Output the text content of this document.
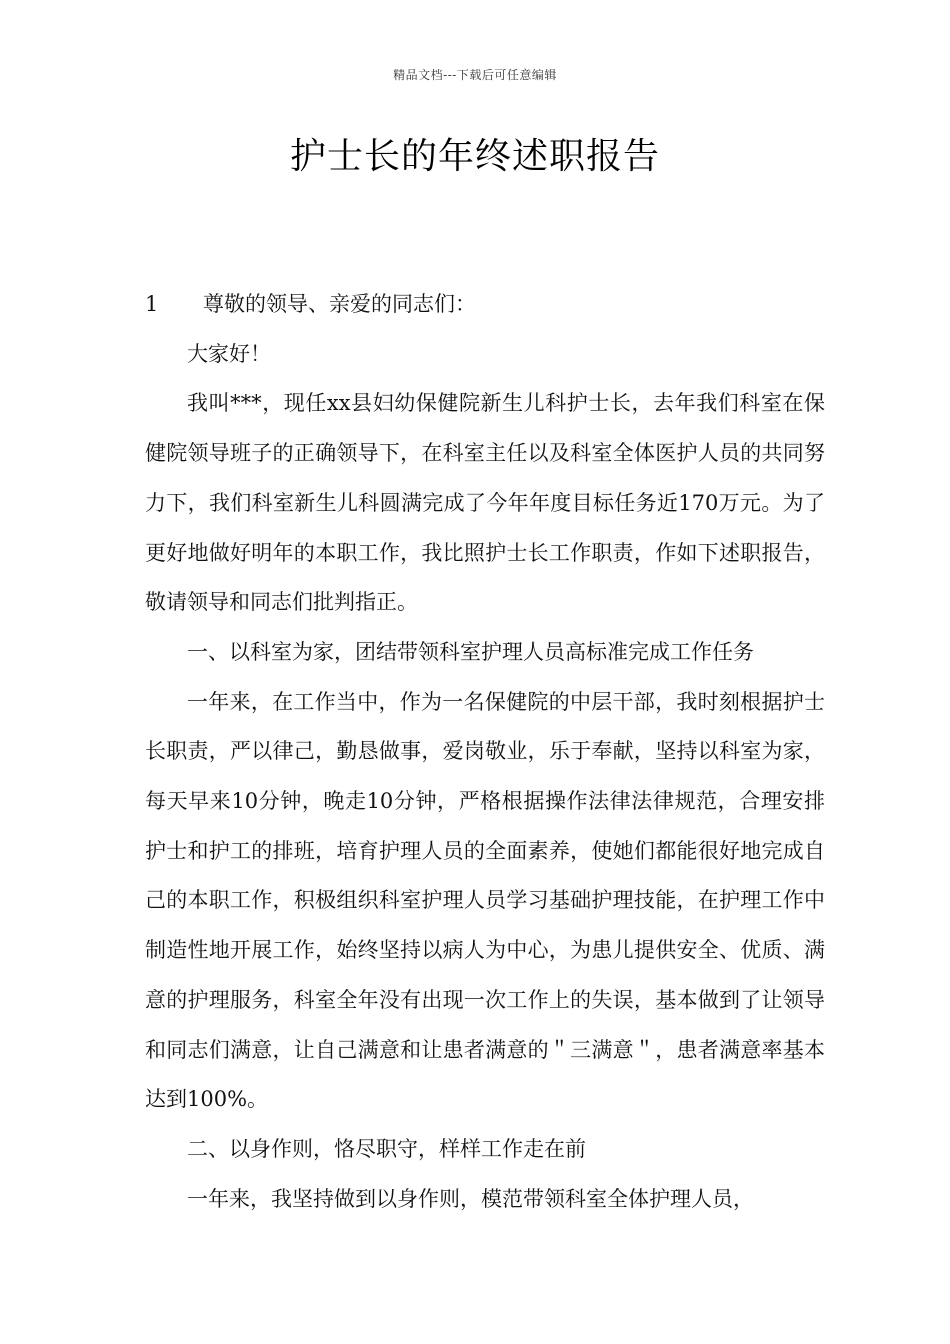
精品文档---下载后可任意编辑
护士长的年终述职报告
1 尊敬的领导、亲爱的同志们：

大家好！

我叫***，现任xx县妇幼保健院新生儿科护士长，去年我们科室在保健院领导班子的正确领导下，在科室主任以及科室全体医护人员的共同努力下，我们科室新生儿科圆满完成了今年年度目标任务近170万元。为了更好地做好明年的本职工作，我比照护士长工作职责，作如下述职报告，敬请领导和同志们批判指正。

一、以科室为家，团结带领科室护理人员高标准完成工作任务

一年来，在工作当中，作为一名保健院的中层干部，我时刻根据护士长职责，严以律己，勤恳做事，爱岗敬业，乐于奉献，坚持以科室为家，每天早来10分钟，晚走10分钟，严格根据操作法律法律规范，合理安排护士和护工的排班，培育护理人员的全面素养，使她们都能很好地完成自己的本职工作，积极组织科室护理人员学习基础护理技能，在护理工作中制造性地开展工作，始终坚持以病人为中心，为患儿提供安全、优质、满意的护理服务，科室全年没有出现一次工作上的失误，基本做到了让领导和同志们满意，让自己满意和让患者满意的＂三满意＂，患者满意率基本达到100%。

二、以身作则，恪尽职守，样样工作走在前

一年来，我坚持做到以身作则，模范带领科室全体护理人员，
